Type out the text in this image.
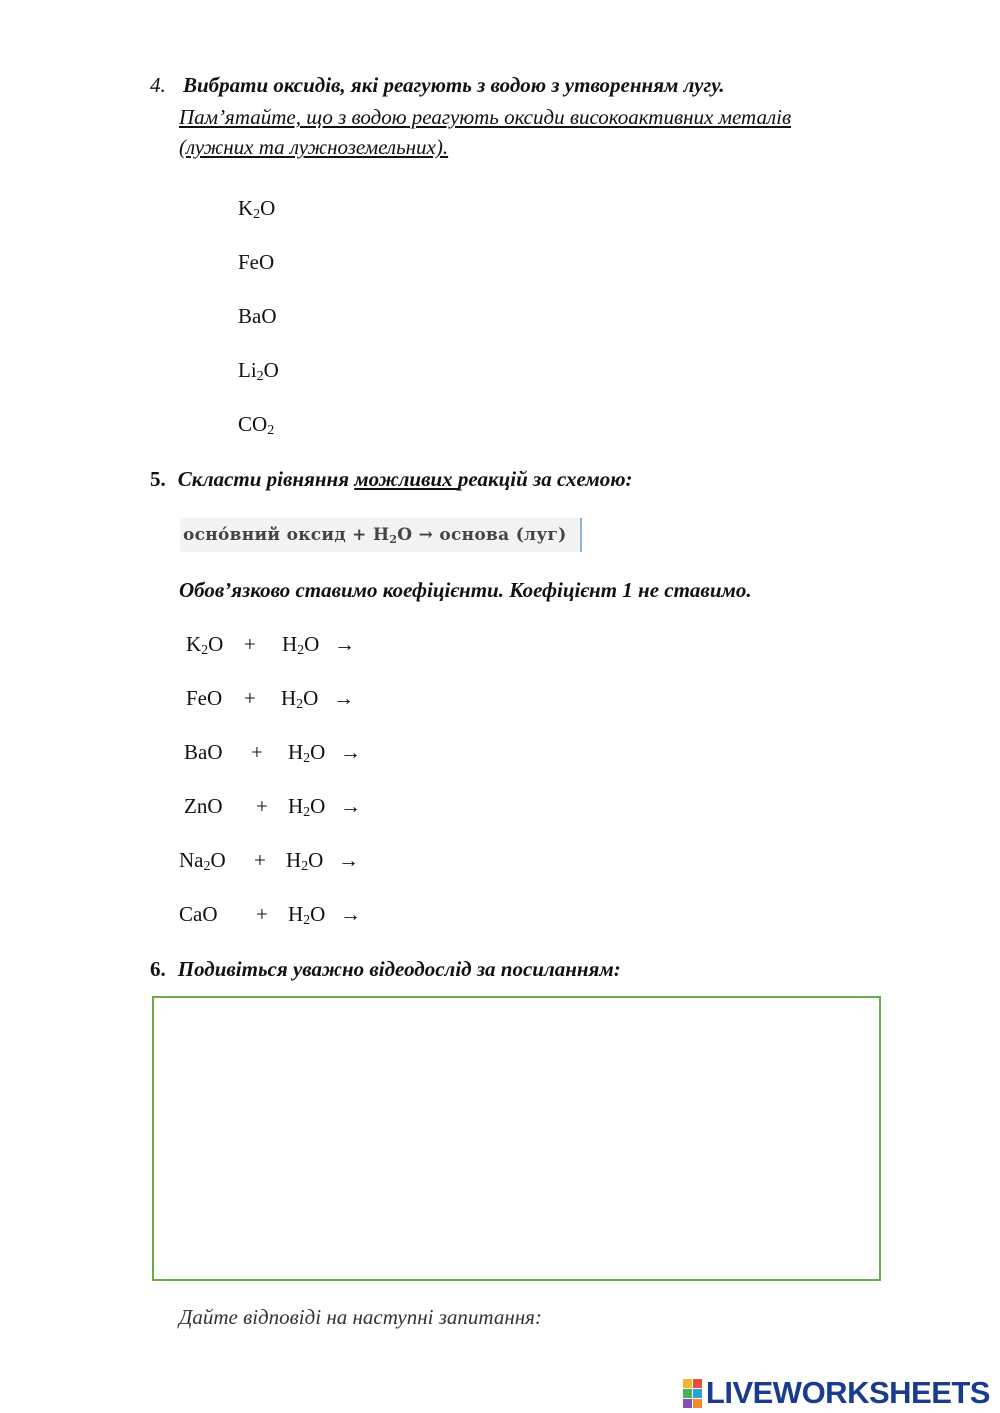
4. Вибрати оксидів, які реагують з водою з утворенням лугу.
Пам’ятайте, що з водою реагують оксиди високоактивних металів
(лужних та лужноземельних).
$K_2O$
FeO
BaO
$Li_2O$
$CO_2$
5. Скласти рівняння можливих реакцій за схемою:
осно́вний оксид + $H_2O$ → основа (луг)
Обов’язково ставимо коефіцієнти. Коефіцієнт 1 не ставимо.
$K_2O + H_2O$ →
FeO + $H_2O$ →
BaO + $H_2O$ →
ZnO + $H_2O$ →
$Na_2O + H_2O$ →
CaO + $H_2O$ →
6. Подивіться уважно відеодослід за посиланням:
Дайте відповіді на наступні запитання:
LIVEWORKSHEETS
